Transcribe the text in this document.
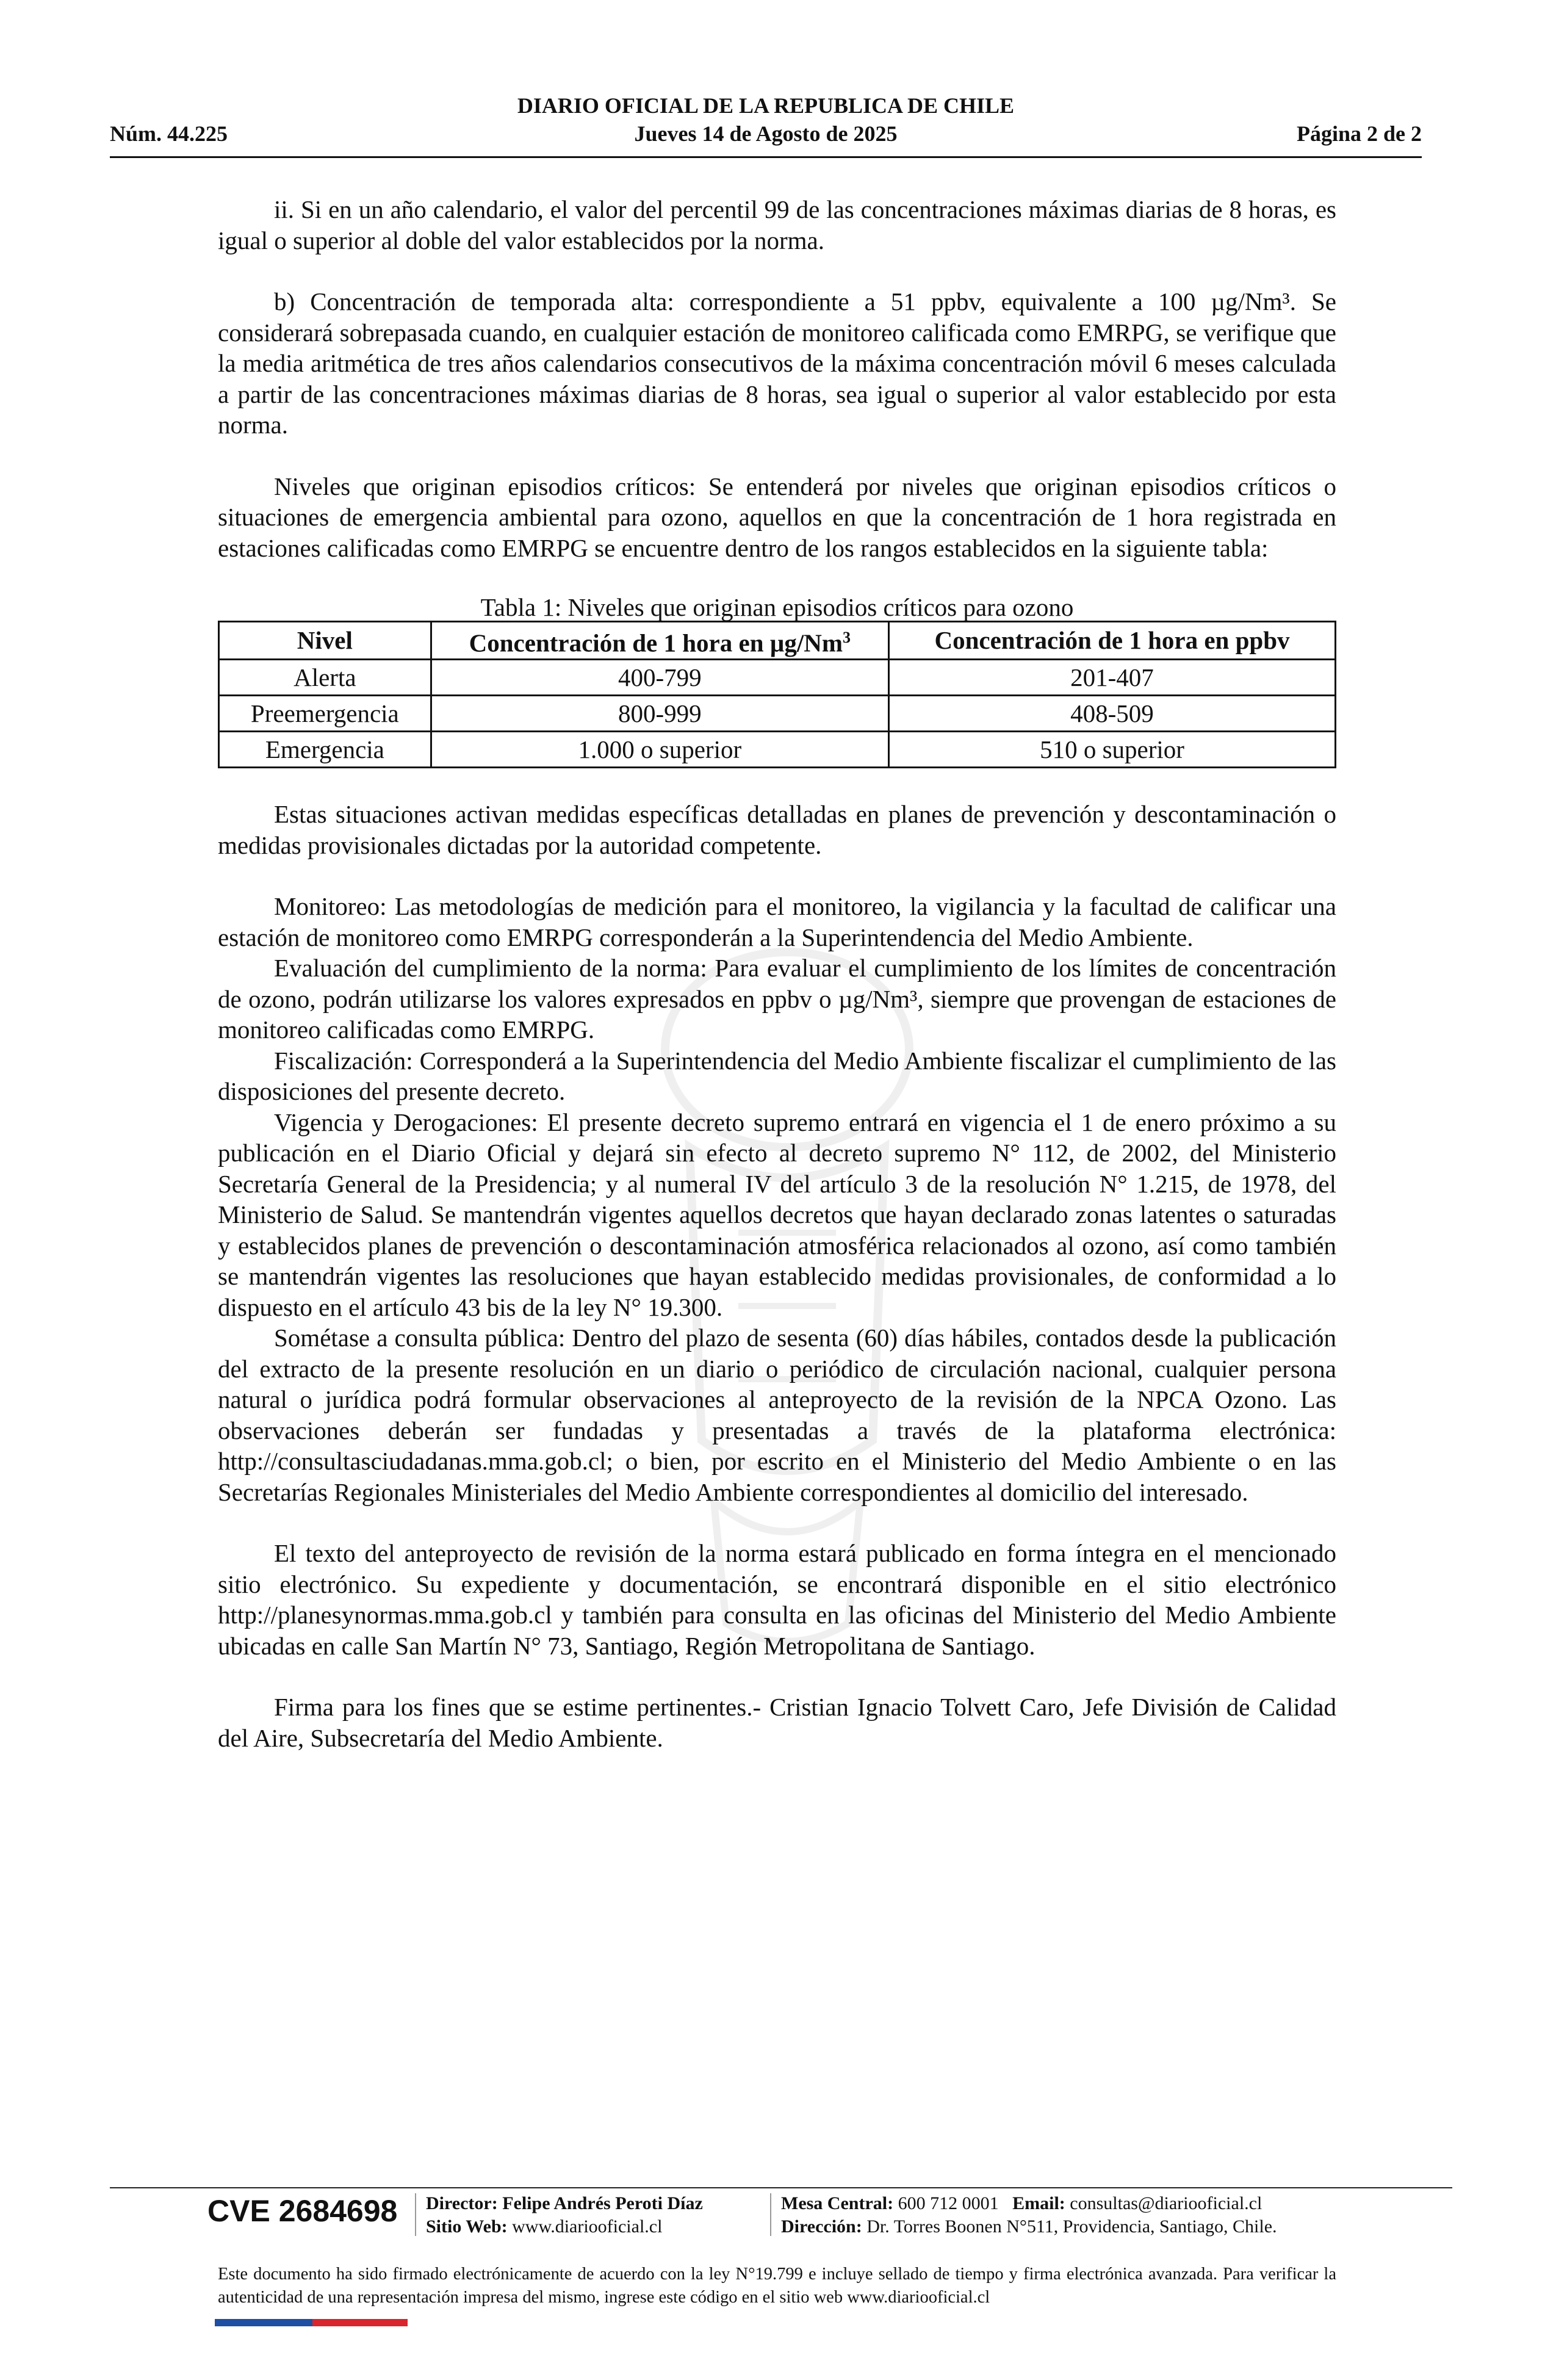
DIARIO OFICIAL DE LA REPUBLICA DE CHILE
Núm. 44.225	Jueves 14 de Agosto de 2025	Página 2 de 2

ii. Si en un año calendario, el valor del percentil 99 de las concentraciones máximas diarias de 8 horas, es igual o superior al doble del valor establecidos por la norma.

b) Concentración de temporada alta: correspondiente a 51 ppbv, equivalente a 100 µg/Nm³. Se considerará sobrepasada cuando, en cualquier estación de monitoreo calificada como EMRPG, se verifique que la media aritmética de tres años calendarios consecutivos de la máxima concentración móvil 6 meses calculada a partir de las concentraciones máximas diarias de 8 horas, sea igual o superior al valor establecido por esta norma.

Niveles que originan episodios críticos: Se entenderá por niveles que originan episodios críticos o situaciones de emergencia ambiental para ozono, aquellos en que la concentración de 1 hora registrada en estaciones calificadas como EMRPG se encuentre dentro de los rangos establecidos en la siguiente tabla:

Tabla 1: Niveles que originan episodios críticos para ozono
Nivel	Concentración de 1 hora en µg/Nm$^3$	Concentración de 1 hora en ppbv
Alerta	400-799	201-407
Preemergencia	800-999	408-509
Emergencia	1.000 o superior	510 o superior

Estas situaciones activan medidas específicas detalladas en planes de prevención y descontaminación o medidas provisionales dictadas por la autoridad competente.

Monitoreo: Las metodologías de medición para el monitoreo, la vigilancia y la facultad de calificar una estación de monitoreo como EMRPG corresponderán a la Superintendencia del Medio Ambiente.

Evaluación del cumplimiento de la norma: Para evaluar el cumplimiento de los límites de concentración de ozono, podrán utilizarse los valores expresados en ppbv o µg/Nm³, siempre que provengan de estaciones de monitoreo calificadas como EMRPG.

Fiscalización: Corresponderá a la Superintendencia del Medio Ambiente fiscalizar el cumplimiento de las disposiciones del presente decreto.

Vigencia y Derogaciones: El presente decreto supremo entrará en vigencia el 1 de enero próximo a su publicación en el Diario Oficial y dejará sin efecto al decreto supremo N° 112, de 2002, del Ministerio Secretaría General de la Presidencia; y al numeral IV del artículo 3 de la resolución N° 1.215, de 1978, del Ministerio de Salud. Se mantendrán vigentes aquellos decretos que hayan declarado zonas latentes o saturadas y establecidos planes de prevención o descontaminación atmosférica relacionados al ozono, así como también se mantendrán vigentes las resoluciones que hayan establecido medidas provisionales, de conformidad a lo dispuesto en el artículo 43 bis de la ley N° 19.300.

Sométase a consulta pública: Dentro del plazo de sesenta (60) días hábiles, contados desde la publicación del extracto de la presente resolución en un diario o periódico de circulación nacional, cualquier persona natural o jurídica podrá formular observaciones al anteproyecto de la revisión de la NPCA Ozono. Las observaciones deberán ser fundadas y presentadas a través de la plataforma electrónica: http://consultasciudadanas.mma.gob.cl; o bien, por escrito en el Ministerio del Medio Ambiente o en las Secretarías Regionales Ministeriales del Medio Ambiente correspondientes al domicilio del interesado.

El texto del anteproyecto de revisión de la norma estará publicado en forma íntegra en el mencionado sitio electrónico. Su expediente y documentación, se encontrará disponible en el sitio electrónico http://planesynormas.mma.gob.cl y también para consulta en las oficinas del Ministerio del Medio Ambiente ubicadas en calle San Martín N° 73, Santiago, Región Metropolitana de Santiago.

Firma para los fines que se estime pertinentes.- Cristian Ignacio Tolvett Caro, Jefe División de Calidad del Aire, Subsecretaría del Medio Ambiente.

CVE 2684698 Director: Felipe Andrés Peroti Díaz
Sitio Web: www.diariooficial.cl
Mesa Central: 600 712 0001 Email: consultas@diariooficial.cl
Dirección: Dr. Torres Boonen N°511, Providencia, Santiago, Chile.
Este documento ha sido firmado electrónicamente de acuerdo con la ley N°19.799 e incluye sellado de tiempo y firma electrónica avanzada. Para verificar la autenticidad de una representación impresa del mismo, ingrese este código en el sitio web www.diariooficial.cl
